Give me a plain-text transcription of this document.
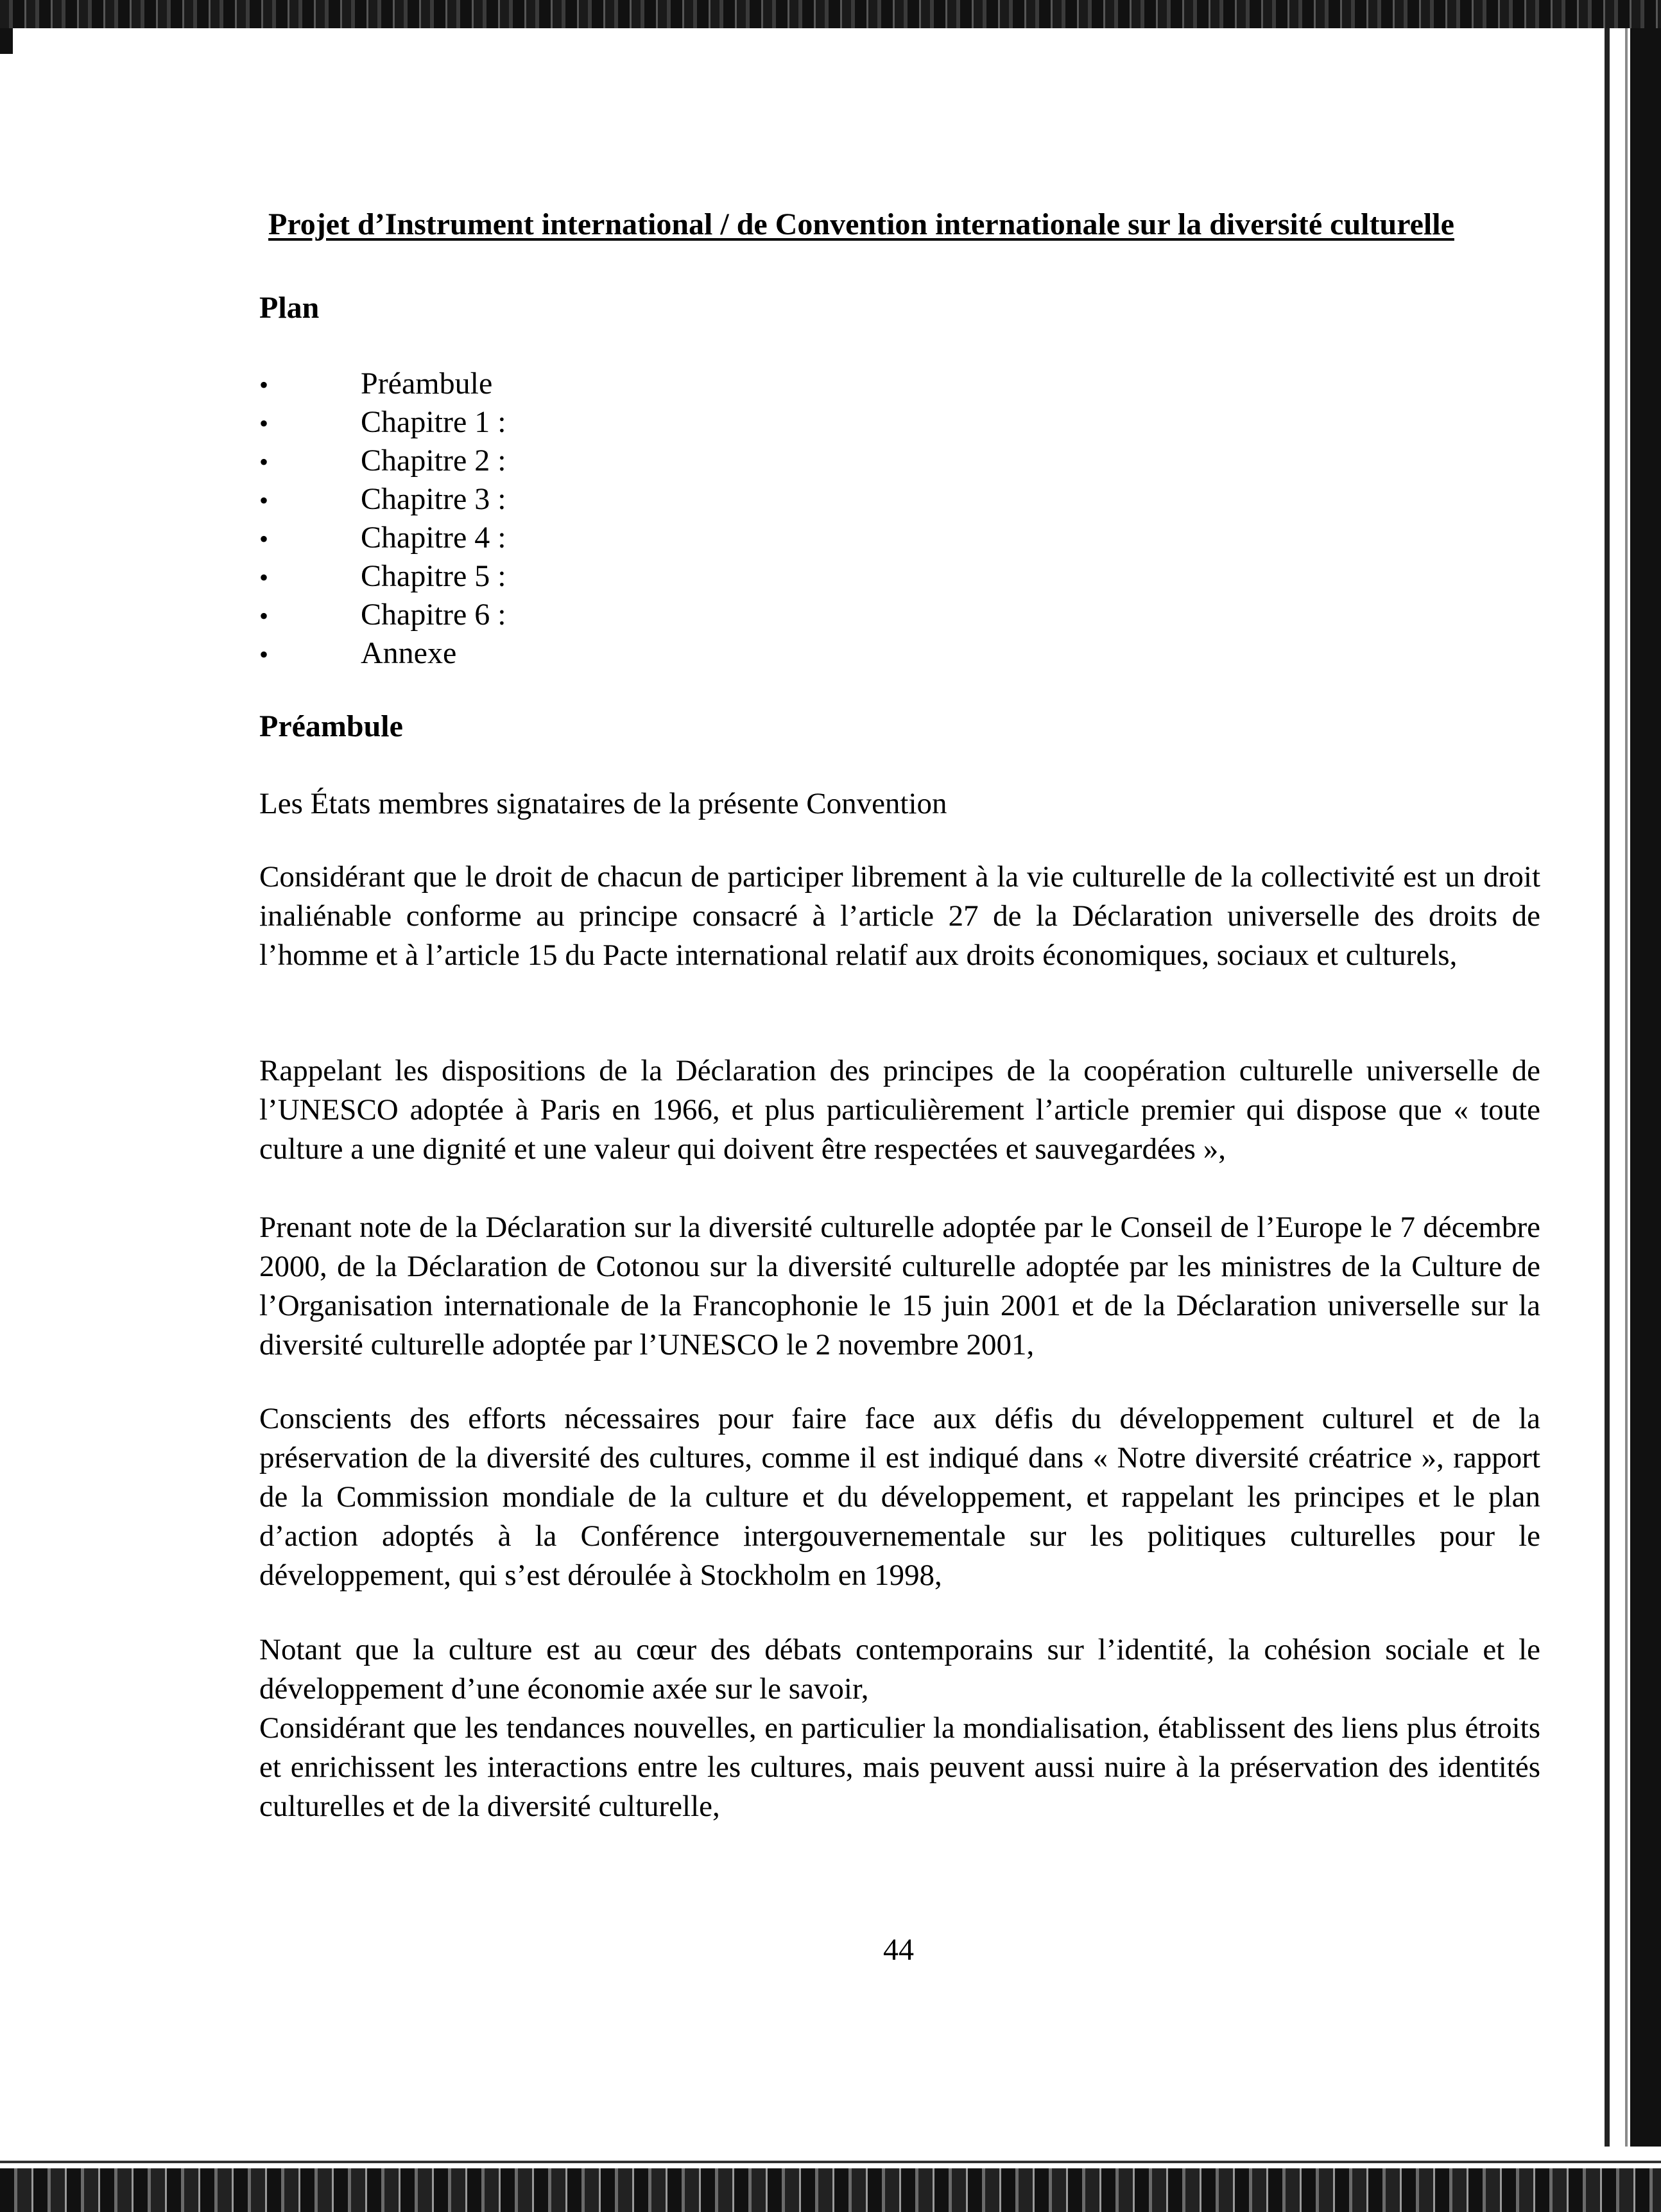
Projet d’Instrument international / de Convention internationale sur la diversité culturelle
Plan
•	Préambule
•	Chapitre 1 :
•	Chapitre 2 :
•	Chapitre 3 :
•	Chapitre 4 :
•	Chapitre 5 :
•	Chapitre 6 :
•	Annexe
Préambule

Les États membres signataires de la présente Convention

Considérant que le droit de chacun de participer librement à la vie culturelle de la collectivité est un droit inaliénable conforme au principe consacré à l’article 27 de la Déclaration universelle des droits de l’homme et à l’article 15 du Pacte international relatif aux droits économiques, sociaux et culturels,

Rappelant les dispositions de la Déclaration des principes de la coopération culturelle universelle de l’UNESCO adoptée à Paris en 1966, et plus particulièrement l’article premier qui dispose que « toute culture a une dignité et une valeur qui doivent être respectées et sauvegardées »,

Prenant note de la Déclaration sur la diversité culturelle adoptée par le Conseil de l’Europe le 7 décembre 2000, de la Déclaration de Cotonou sur la diversité culturelle adoptée par les ministres de la Culture de l’Organisation internationale de la Francophonie le 15 juin 2001 et de la Déclaration universelle sur la diversité culturelle adoptée par l’UNESCO le 2 novembre 2001,

Conscients des efforts nécessaires pour faire face aux défis du développement culturel et de la préservation de la diversité des cultures, comme il est indiqué dans « Notre diversité créatrice », rapport de la Commission mondiale de la culture et du développement, et rappelant les principes et le plan d’action adoptés à la Conférence intergouvernementale sur les politiques culturelles pour le développement, qui s’est déroulée à Stockholm en 1998,

Notant que la culture est au cœur des débats contemporains sur l’identité, la cohésion sociale et le développement d’une économie axée sur le savoir,

Considérant que les tendances nouvelles, en particulier la mondialisation, établissent des liens plus étroits et enrichissent les interactions entre les cultures, mais peuvent aussi nuire à la préservation des identités culturelles et de la diversité culturelle,

44
